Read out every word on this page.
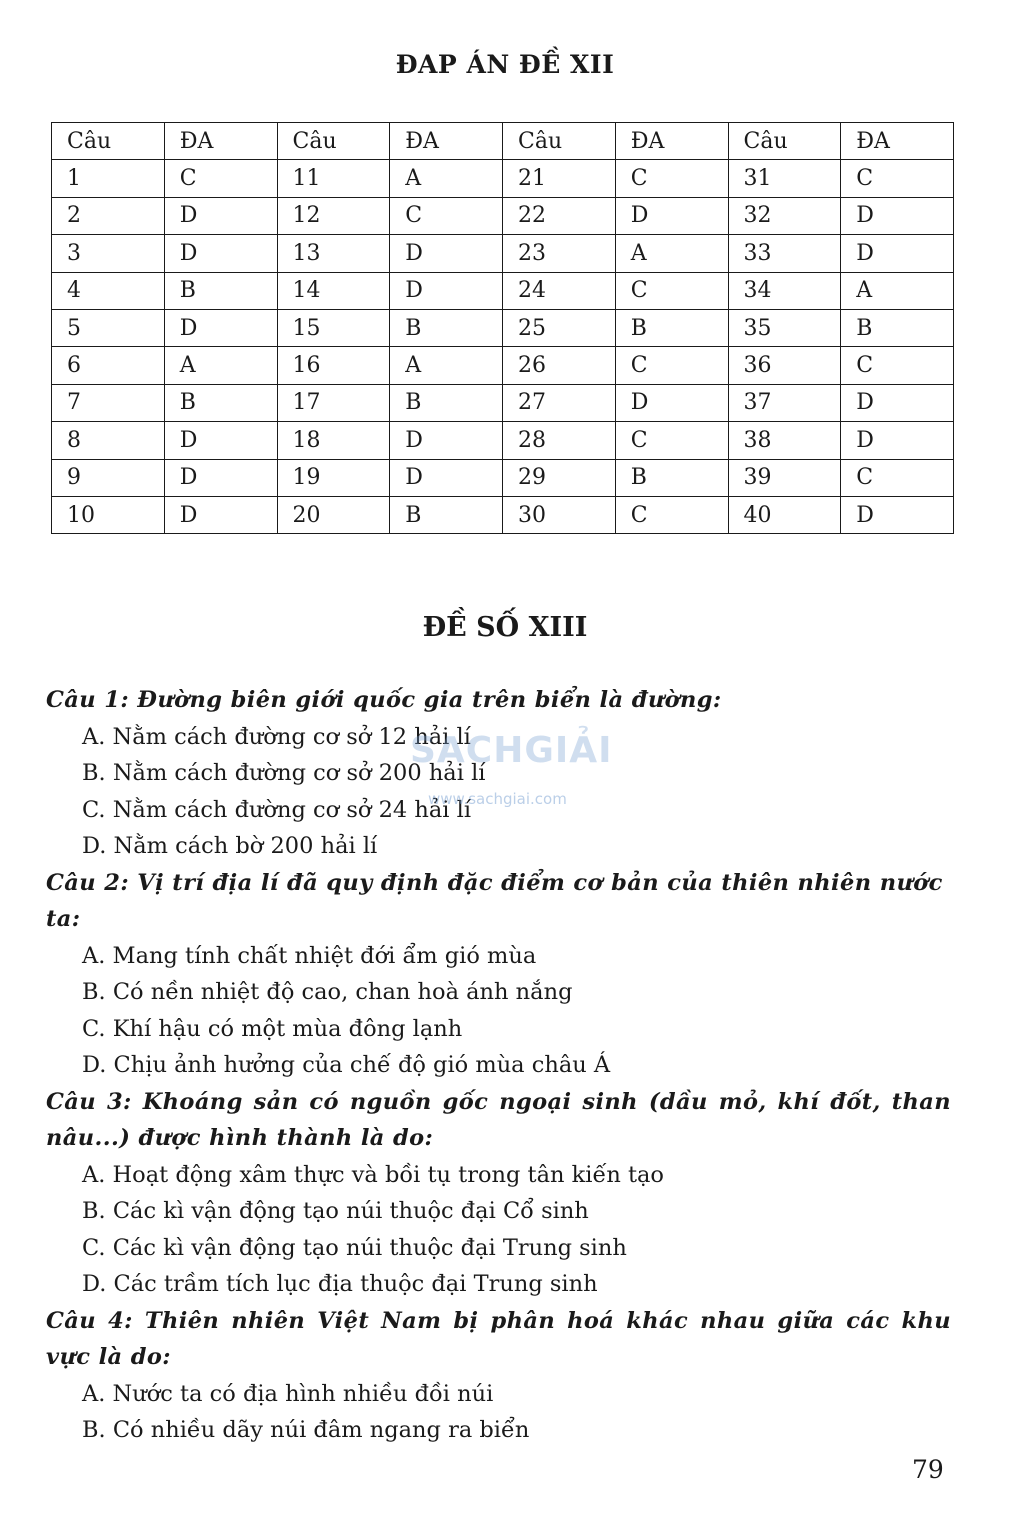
ĐAP ÁN ĐỀ XII
Câu	ĐA	Câu	ĐA	Câu	ĐA	Câu	ĐA
1	C	11	A	21	C	31	C
2	D	12	C	22	D	32	D
3	D	13	D	23	A	33	D
4	B	14	D	24	C	34	A
5	D	15	B	25	B	35	B
6	A	16	A	26	C	36	C
7	B	17	B	27	D	37	D
8	D	18	D	28	C	38	D
9	D	19	D	29	B	39	C
10	D	20	B	30	C	40	D
ĐỀ SỐ XIII
Câu 1: Đường biên giới quốc gia trên biển là đường:
A. Nằm cách đường cơ sở 12 hải lí
B. Nằm cách đường cơ sở 200 hải lí
C. Nằm cách đường cơ sở 24 hải lí
D. Nằm cách bờ 200 hải lí
Câu 2: Vị trí địa lí đã quy định đặc điểm cơ bản của thiên nhiên nước ta:
A. Mang tính chất nhiệt đới ẩm gió mùa
B. Có nền nhiệt độ cao, chan hoà ánh nắng
C. Khí hậu có một mùa đông lạnh
D. Chịu ảnh hưởng của chế độ gió mùa châu Á
Câu 3: Khoáng sản có nguồn gốc ngoại sinh (dầu mỏ, khí đốt, than nâu...) được hình thành là do:
A. Hoạt động xâm thực và bồi tụ trong tân kiến tạo
B. Các kì vận động tạo núi thuộc đại Cổ sinh
C. Các kì vận động tạo núi thuộc đại Trung sinh
D. Các trầm tích lục địa thuộc đại Trung sinh
Câu 4: Thiên nhiên Việt Nam bị phân hoá khác nhau giữa các khu vực là do:
A. Nước ta có địa hình nhiều đồi núi
B. Có nhiều dãy núi đâm ngang ra biển
SACHGIẢI
www.sachgiai.com
79
